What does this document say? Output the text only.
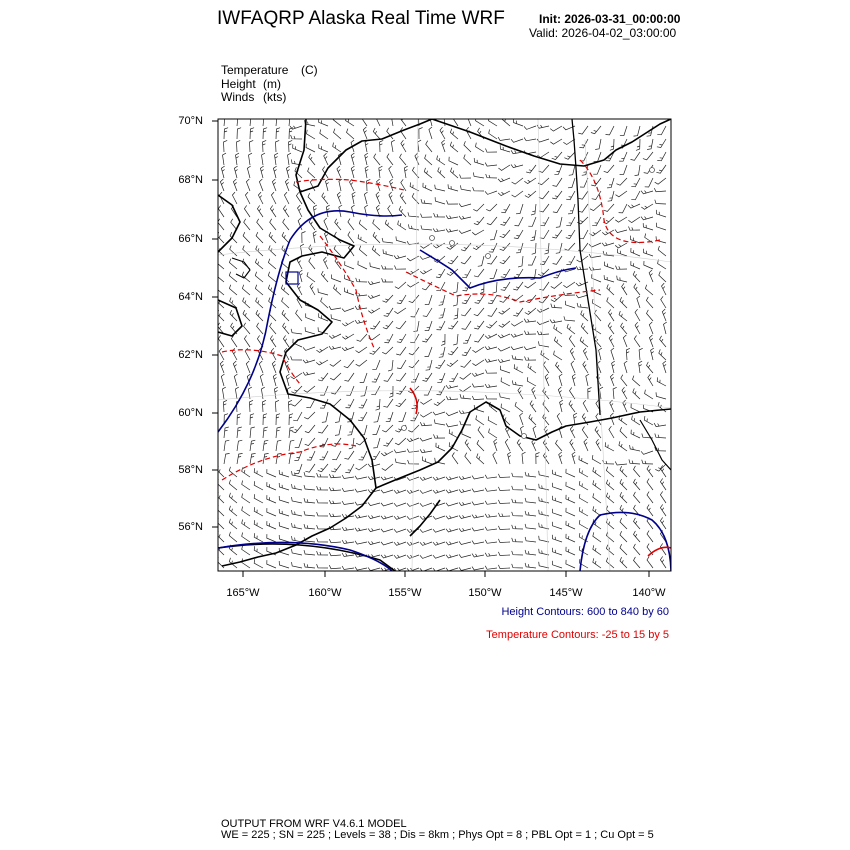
IWFAQRP Alaska Real Time WRF	Init: 2026-03-31_00:00:00
Valid: 2026-04-02_03:00:00
Temperature (C)
Height (m)
Winds (kts)
70°N
68°N
66°N
64°N
62°N
60°N
58°N
56°N
165°W	160°W	155°W	150°W	145°W	140°W
Height Contours: 600 to 840 by 60
Temperature Contours: -25 to 15 by 5
OUTPUT FROM WRF V4.6.1 MODEL
WE = 225 ; SN = 225 ; Levels = 38 ; Dis = 8km ; Phys Opt = 8 ; PBL Opt = 1 ; Cu Opt = 5
